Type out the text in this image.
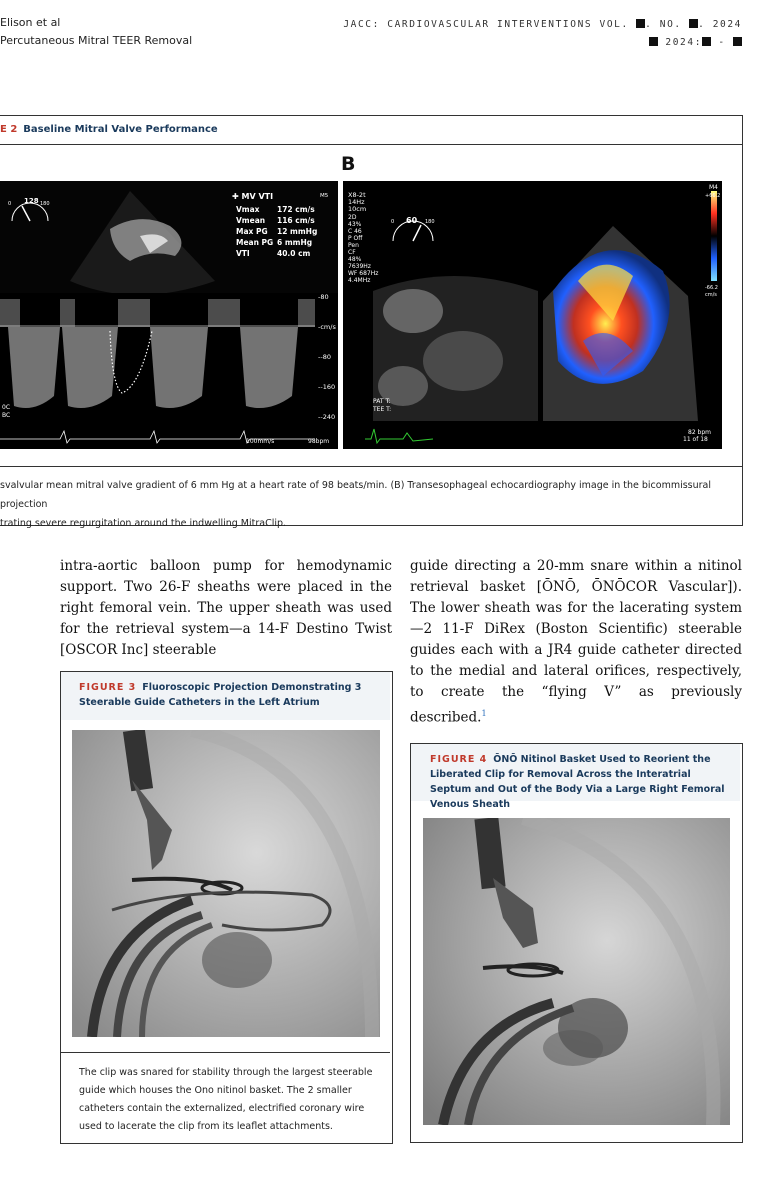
Elison et al
Percutaneous Mitral TEER Removal
JACC: CARDIOVASCULAR INTERVENTIONS VOL. . NO. . 2024
2024: -
E 2 Baseline Mitral Valve Performance
B
128
0	180
✚ MV VTI
Vmax 172 cm/s
Vmean 116 cm/s
Max PG 12 mmHg
Mean PG 6 mmHg
VTI	40.0 cm
M5
-80
-cm/s
--80
--160
--240
100mm/s	98bpm
0C
BC
2D
43%
C 46
P Off
Pen
CF
48%
7639Hz
WF 687Hz
4.4MHz
X8-2t
14Hz
10cm
60
0	180
M4
+66.2
-66.2
cm/s
PAT T:
TEE T:
11 of 18
82 bpm
svalvular mean mitral valve gradient of 6 mm Hg at a heart rate of 98 beats/min. (B) Transesophageal echocardiography image in the bicommissural projection
trating severe regurgitation around the indwelling MitraClip.
intra-aortic balloon pump for hemodynamic support. Two 26-F sheaths were placed in the right femoral vein. The upper sheath was used for the retrieval system—a 14-F Destino Twist [OSCOR Inc] steerable
guide directing a 20-mm snare within a nitinol retrieval basket [ŌNŌ, ŌNŌCOR Vascular]). The lower sheath was for the lacerating system—2 11-F DiRex (Boston Scientific) steerable guides each with a JR4 guide catheter directed to the medial and lateral orifices, respectively, to create the “flying V” as previously described.$^1$
FIGURE 3 Fluoroscopic Projection Demonstrating 3 Steerable Guide Catheters in the Left Atrium
The clip was snared for stability through the largest steerable guide which houses the Ono nitinol basket. The 2 smaller catheters contain the externalized, electrified coronary wire used to lacerate the clip from its leaflet attachments.
FIGURE 4 ŌNŌ Nitinol Basket Used to Reorient the Liberated Clip for Removal Across the Interatrial Septum and Out of the Body Via a Large Right Femoral Venous Sheath
